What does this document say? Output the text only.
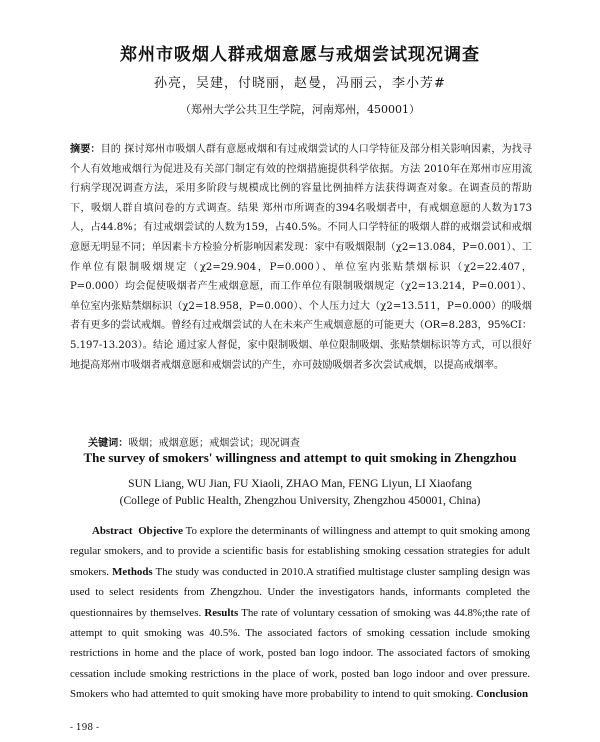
郑州市吸烟人群戒烟意愿与戒烟尝试现况调查
孙亮，吴建，付晓丽，赵曼，冯丽云，李小芳#
（郑州大学公共卫生学院，河南郑州，450001）
摘要：目的 探讨郑州市吸烟人群有意愿戒烟和有过戒烟尝试的人口学特征及部分相关影响因素，为找寻个人有效地戒烟行为促进及有关部门制定有效的控烟措施提供科学依据。方法 2010年在郑州市应用流行病学现况调查方法，采用多阶段与规模成比例的容量比例抽样方法获得调查对象。在调查员的帮助下，吸烟人群自填问卷的方式调查。结果 郑州市所调查的394名吸烟者中，有戒烟意愿的人数为173人，占44.8%；有过戒烟尝试的人数为159，占40.5%。不同人口学特征的吸烟人群的戒烟尝试和戒烟意愿无明显不同；单因素卡方检验分析影响因素发现：家中有吸烟限制（χ2=13.084，P=0.001）、工作单位有限制吸烟规定（χ2=29.904，P=0.000）、单位室内张贴禁烟标识（χ2=22.407，P=0.000）均会促使吸烟者产生戒烟意愿，而工作单位有限制吸烟规定（χ2=13.214，P=0.001）、单位室内张贴禁烟标识（χ2=18.958，P=0.000）、个人压力过大（χ2=13.511，P=0.000）的吸烟者有更多的尝试戒烟。曾经有过戒烟尝试的人在未来产生戒烟意愿的可能更大（OR=8.283，95%CI：5.197-13.203）。结论 通过家人督促，家中限制吸烟、单位限制吸烟、张贴禁烟标识等方式，可以很好地提高郑州市吸烟者戒烟意愿和戒烟尝试的产生，亦可鼓励吸烟者多次尝试戒烟，以提高戒烟率。
关键词：吸烟；戒烟意愿；戒烟尝试；现况调查
The survey of smokers' willingness and attempt to quit smoking in Zhengzhou
SUN Liang, WU Jian, FU Xiaoli, ZHAO Man, FENG Liyun, LI Xiaofang
(College of Public Health, Zhengzhou University, Zhengzhou 450001, China)
Abstract Objective To explore the determinants of willingness and attempt to quit smoking among regular smokers, and to provide a scientific basis for establishing smoking cessation strategies for adult smokers. Methods The study was conducted in 2010.A stratified multistage cluster sampling design was used to select residents from Zhengzhou. Under the investigators hands, informants completed the questionnaires by themselves. Results The rate of voluntary cessation of smoking was 44.8%;the rate of attempt to quit smoking was 40.5%. The associated factors of smoking cessation include smoking restrictions in home and the place of work, posted ban logo indoor. The associated factors of smoking cessation include smoking restrictions in the place of work, posted ban logo indoor and over pressure. Smokers who had attemted to quit smoking have more probability to intend to quit smoking. Conclusion
- 198 -
